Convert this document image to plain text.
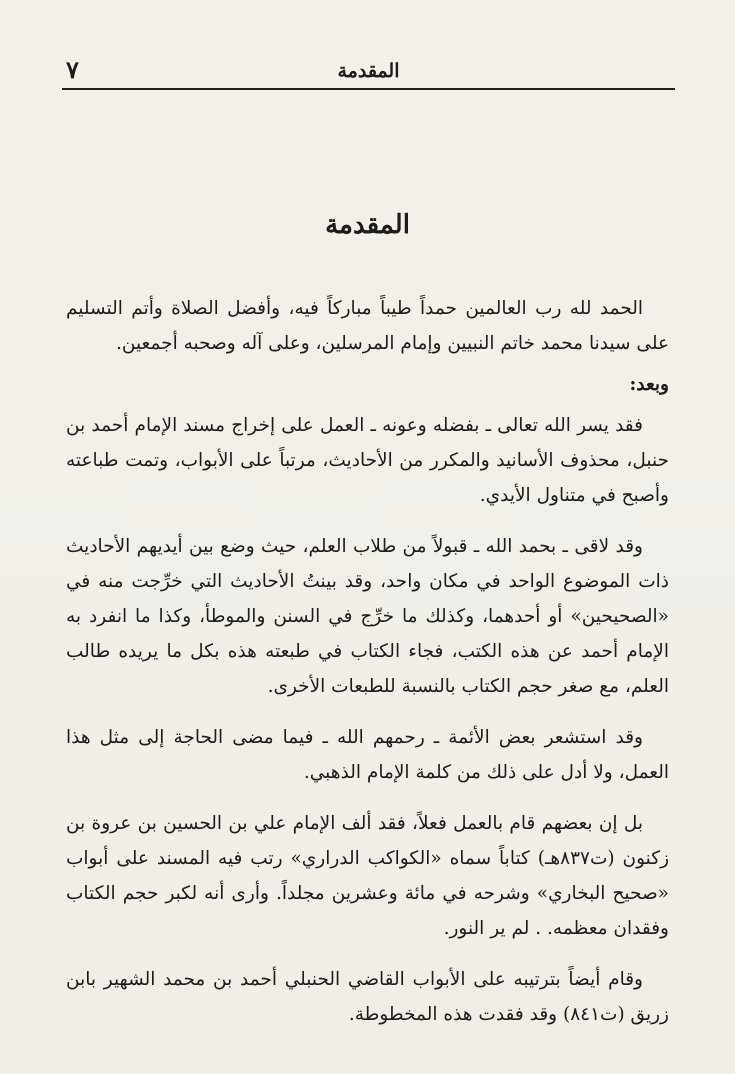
المقدمة
٧
المقدمة

الحمد لله رب العالمين حمداً طيباً مباركاً فيه، وأفضل الصلاة وأتم التسليم على سيدنا محمد خاتم النبيين وإمام المرسلين، وعلى آله وصحبه أجمعين.

وبعد:

فقد يسر الله تعالى ـ بفضله وعونه ـ العمل على إخراج مسند الإمام أحمد بن حنبل، محذوف الأسانيد والمكرر من الأحاديث، مرتباً على الأبواب، وتمت طباعته وأصبح في متناول الأيدي.

وقد لاقى ـ بحمد الله ـ قبولاً من طلاب العلم، حيث وضع بين أيديهم الأحاديث ذات الموضوع الواحد في مكان واحد، وقد بينتُ الأحاديث التي خرِّجت منه في «الصحيحين» أو أحدهما، وكذلك ما خرِّج في السنن والموطأ، وكذا ما انفرد به الإمام أحمد عن هذه الكتب، فجاء الكتاب في طبعته هذه بكل ما يريده طالب العلم، مع صغر حجم الكتاب بالنسبة للطبعات الأخرى.

وقد استشعر بعض الأئمة ـ رحمهم الله ـ فيما مضى الحاجة إلى مثل هذا العمل، ولا أدل على ذلك من كلمة الإمام الذهبي.

بل إن بعضهم قام بالعمل فعلاً، فقد ألف الإمام علي بن الحسين بن عروة بن زكنون (ت٨٣٧هـ) كتاباً سماه «الكواكب الدراري» رتب فيه المسند على أبواب «صحيح البخاري» وشرحه في مائة وعشرين مجلداً. وأرى أنه لكبر حجم الكتاب وفقدان معظمه. . لم ير النور.

وقام أيضاً بترتيبه على الأبواب القاضي الحنبلي أحمد بن محمد الشهير بابن زريق (ت٨٤١) وقد فقدت هذه المخطوطة.
